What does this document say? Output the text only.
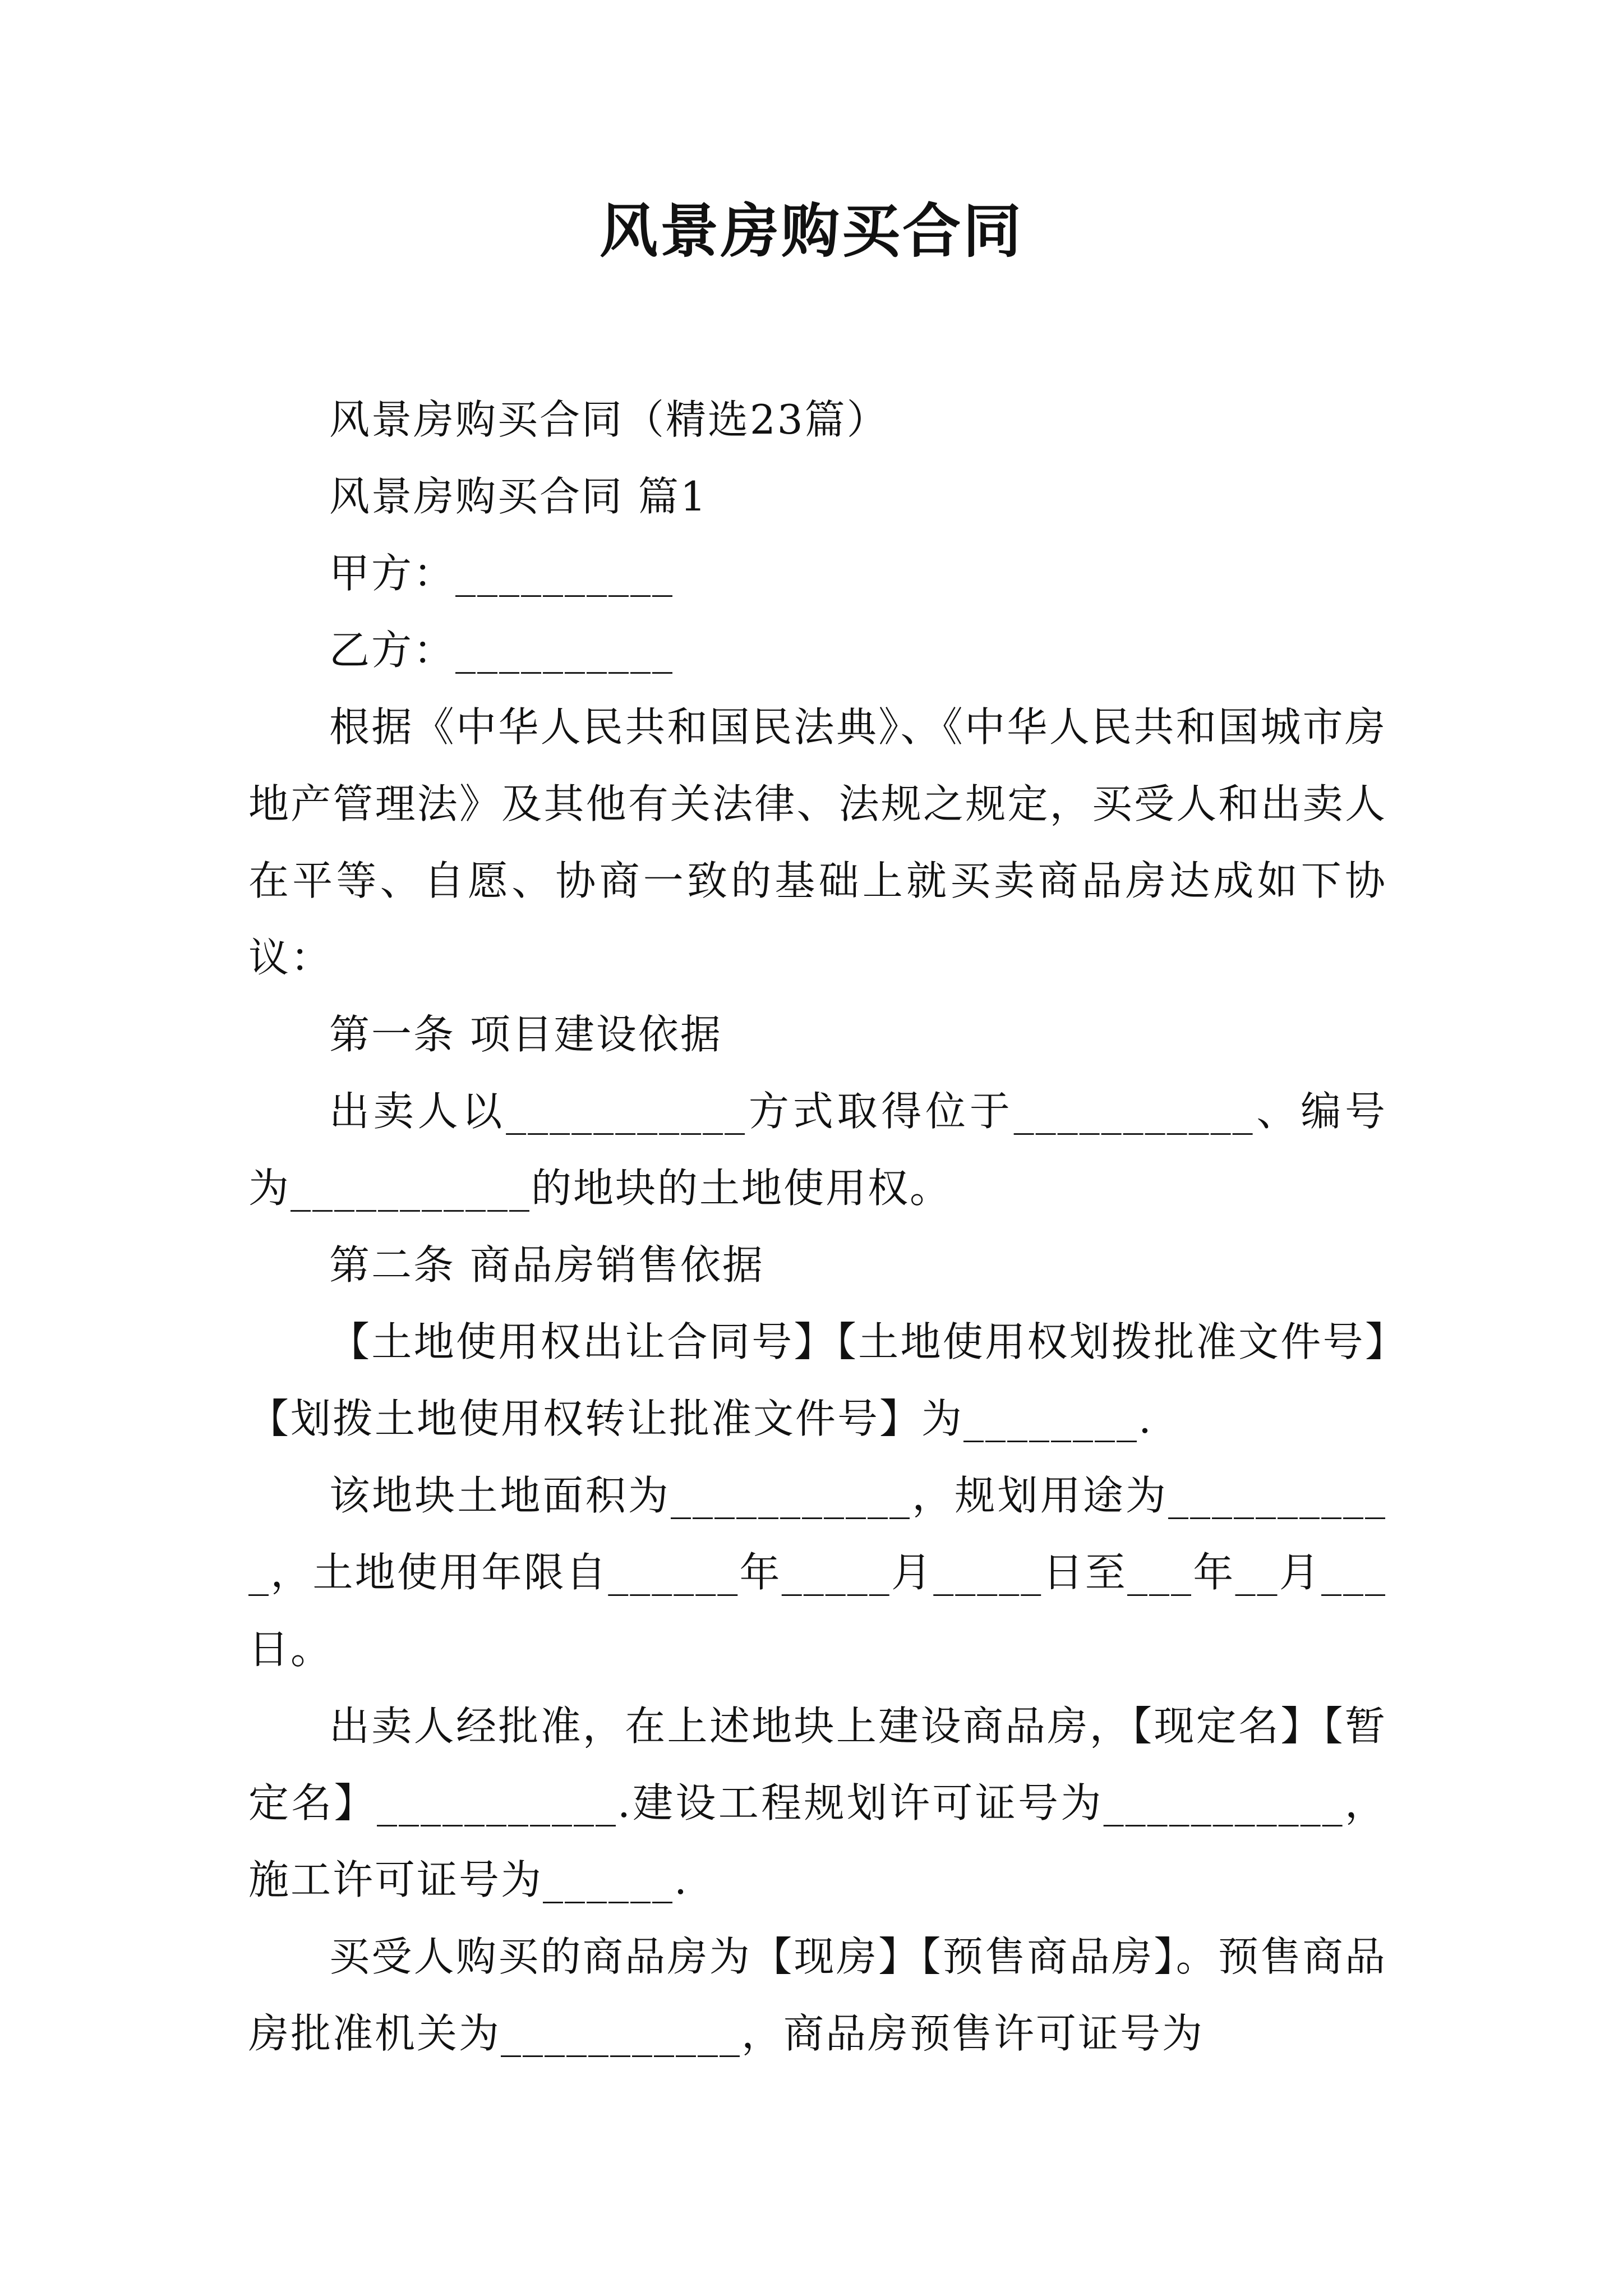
风景房购买合同

风景房购买合同（精选23篇）

风景房购买合同 篇1

甲方：__________

乙方：__________

根据《中华人民共和国民法典》、《中华人民共和国城市房地产管理法》及其他有关法律、法规之规定，买受人和出卖人在平等、自愿、协商一致的基础上就买卖商品房达成如下协议：

第一条 项目建设依据

出卖人以___________方式取得位于___________、编号为___________的地块的土地使用权。

第二条 商品房销售依据

【土地使用权出让合同号】【土地使用权划拨批准文件号】【划拨土地使用权转让批准文件号】为________.

该地块土地面积为___________，规划用途为___________，土地使用年限自______年_____月_____日至___年__月___日。

出卖人经批准，在上述地块上建设商品房，【现定名】【暂定名】___________.建设工程规划许可证号为___________，施工许可证号为______.

买受人购买的商品房为【现房】【预售商品房】。预售商品房批准机关为___________，商品房预售许可证号为
